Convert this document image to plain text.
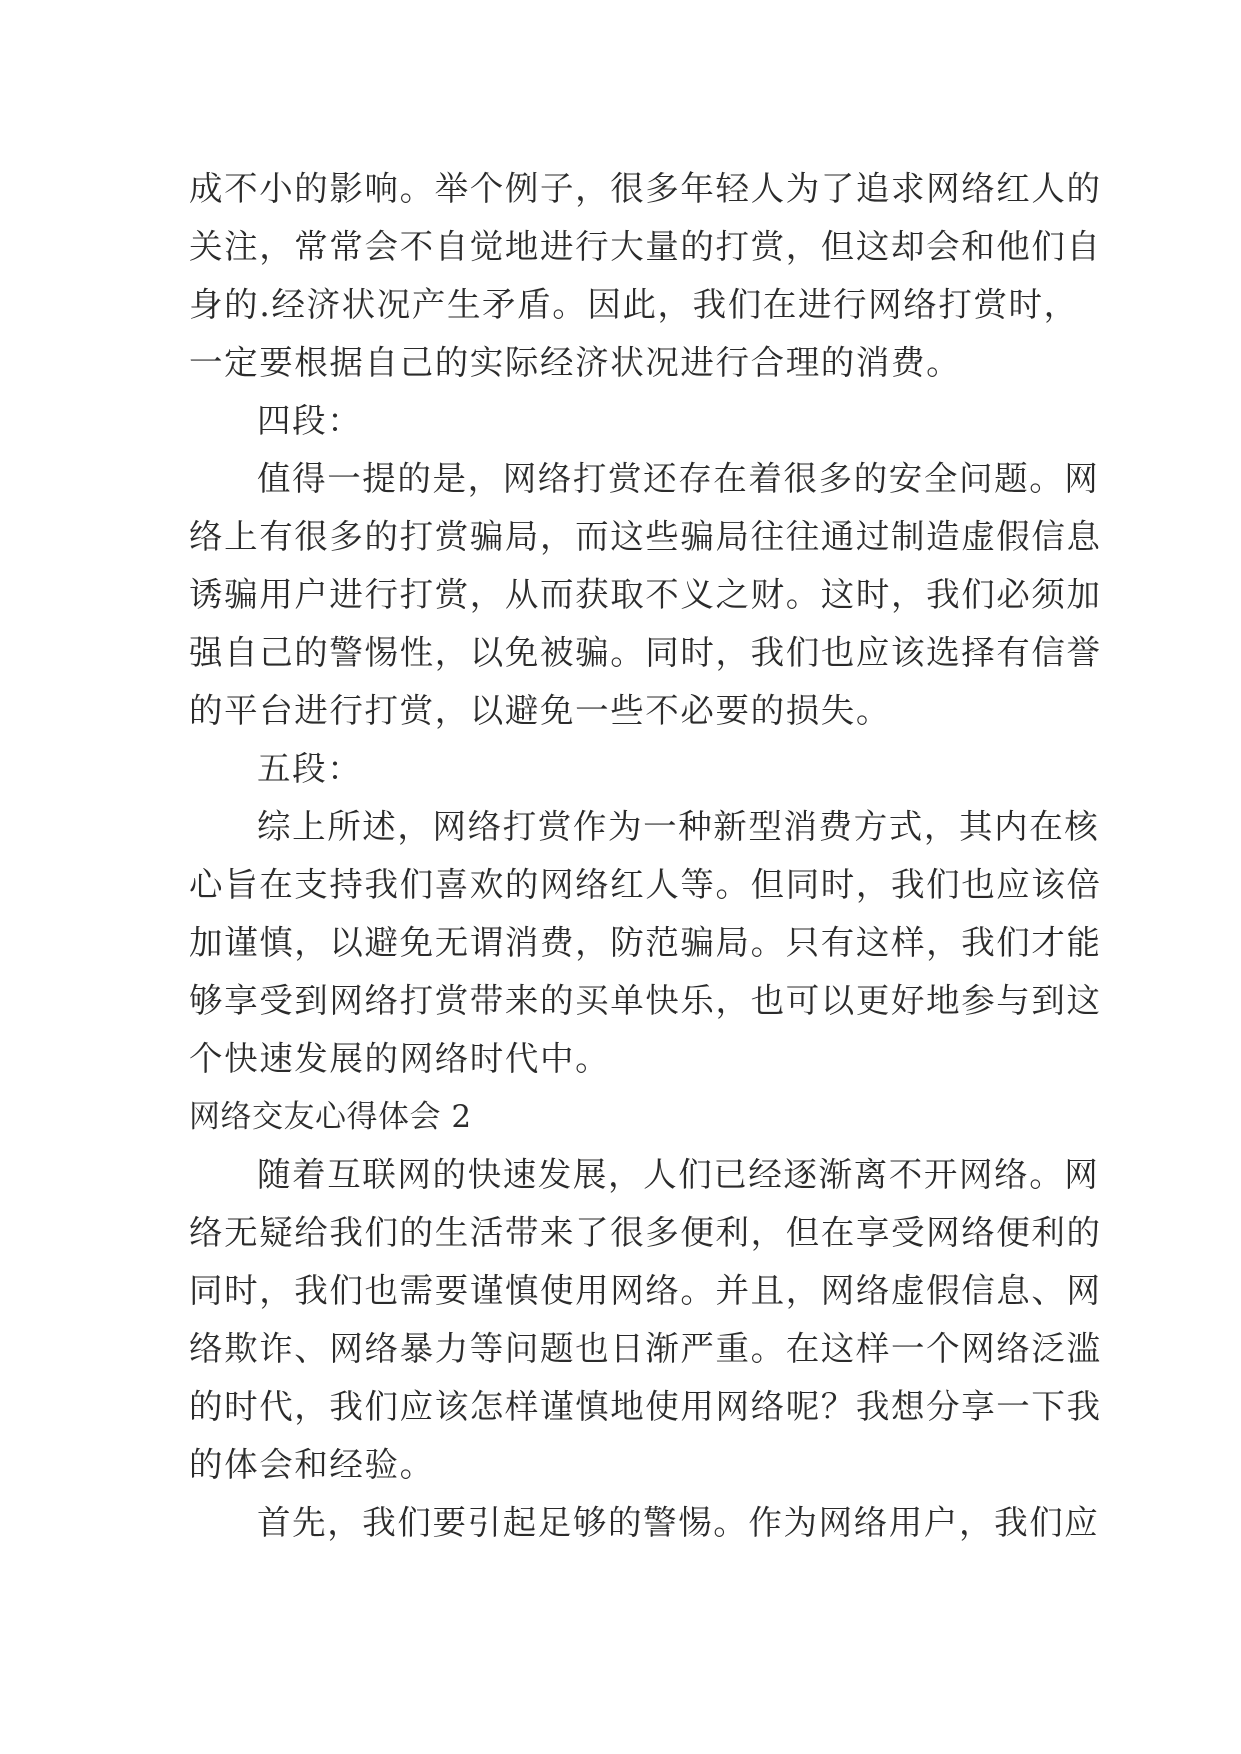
成不小的影响。举个例子，很多年轻人为了追求网络红人的
关注，常常会不自觉地进行大量的打赏，但这却会和他们自
身的.经济状况产生矛盾。因此，我们在进行网络打赏时，
一定要根据自己的实际经济状况进行合理的消费。
四段：
值得一提的是，网络打赏还存在着很多的安全问题。网
络上有很多的打赏骗局，而这些骗局往往通过制造虚假信息
诱骗用户进行打赏，从而获取不义之财。这时，我们必须加
强自己的警惕性，以免被骗。同时，我们也应该选择有信誉
的平台进行打赏，以避免一些不必要的损失。
五段：
综上所述，网络打赏作为一种新型消费方式，其内在核
心旨在支持我们喜欢的网络红人等。但同时，我们也应该倍
加谨慎，以避免无谓消费，防范骗局。只有这样，我们才能
够享受到网络打赏带来的买单快乐，也可以更好地参与到这
个快速发展的网络时代中。
网络交友心得体会 2
随着互联网的快速发展，人们已经逐渐离不开网络。网
络无疑给我们的生活带来了很多便利，但在享受网络便利的
同时，我们也需要谨慎使用网络。并且，网络虚假信息、网
络欺诈、网络暴力等问题也日渐严重。在这样一个网络泛滥
的时代，我们应该怎样谨慎地使用网络呢？我想分享一下我
的体会和经验。
首先，我们要引起足够的警惕。作为网络用户，我们应
